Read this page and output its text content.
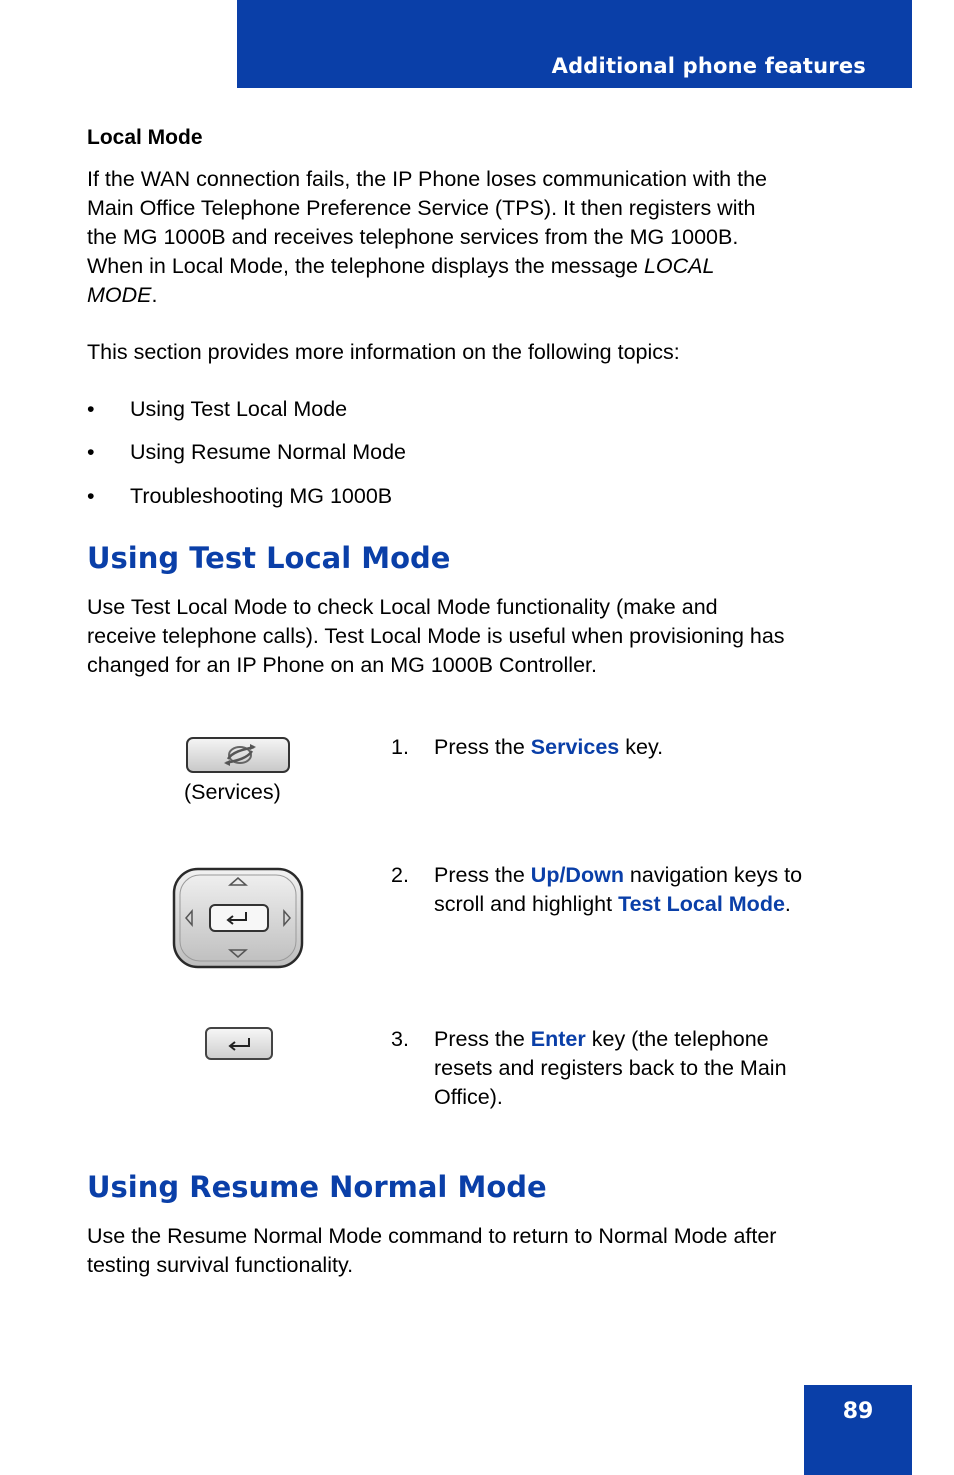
Additional phone features
Local Mode
If the WAN connection fails, the IP Phone loses communication with the
Main Office Telephone Preference Service (TPS). It then registers with
the MG 1000B and receives telephone services from the MG 1000B.
When in Local Mode, the telephone displays the message LOCAL
MODE.
This section provides more information on the following topics:
• Using Test Local Mode
• Using Resume Normal Mode
• Troubleshooting MG 1000B
Using Test Local Mode
Use Test Local Mode to check Local Mode functionality (make and
receive telephone calls). Test Local Mode is useful when provisioning has
changed for an IP Phone on an MG 1000B Controller.
1. Press the Services key.
2. Press the Up/Down navigation keys to
scroll and highlight Test Local Mode.
3. Press the Enter key (the telephone
resets and registers back to the Main
Office).
Using Resume Normal Mode
Use the Resume Normal Mode command to return to Normal Mode after
testing survival functionality.
(Services)
89
